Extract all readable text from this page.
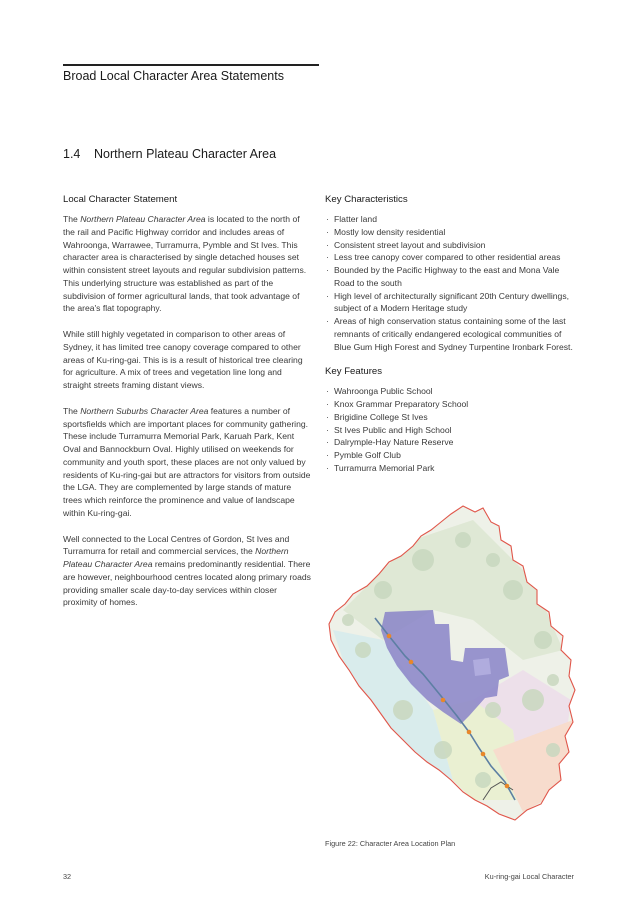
Broad Local Character Area Statements
1.4 Northern Plateau Character Area
Local Character Statement

The Northern Plateau Character Area is located to the north of the rail and Pacific Highway corridor and includes areas of Wahroonga, Warrawee, Turramurra, Pymble and St Ives. This character area is characterised by single detached houses set within consistent street layouts and regular subdivision patterns. This underlying structure was established as part of the subdivision of former agricultural lands, that took advantage of the area's flat topography.

While still highly vegetated in comparison to other areas of Sydney, it has limited tree canopy coverage compared to other areas of Ku-ring-gai. This is is a result of historical tree clearing for agriculture. A mix of trees and vegetation line long and straight streets framing distant views.

The Northern Suburbs Character Area features a number of sportsfields which are important places for community gathering. These include Turramurra Memorial Park, Karuah Park, Kent Oval and Bannockburn Oval. Highly utilised on weekends for community and youth sport, these places are not only valued by residents of Ku-ring-gai but are attractors for visitors from outside the LGA. They are complemented by large stands of mature trees which reinforce the prominence and value of landscape within Ku-ring-gai.

Well connected to the Local Centres of Gordon, St Ives and Turramurra for retail and commercial services, the Northern Plateau Character Area remains predominantly residential. There are however, neighbourhood centres located along primary roads providing smaller scale day-to-day services within closer proximity of homes.

Key Characteristics
· Flatter land
· Mostly low density residential
· Consistent street layout and subdivision
· Less tree canopy cover compared to other residential areas
· Bounded by the Pacific Highway to the east and Mona Vale Road to the south
· High level of architecturally significant 20th Century dwellings, subject of a Modern Heritage study
· Areas of high conservation status containing some of the last remnants of critically endangered ecological communities of Blue Gum High Forest and Sydney Turpentine Ironbark Forest.
Key Features
· Wahroonga Public School
· Knox Grammar Preparatory School
· Brigidine College St Ives
· St Ives Public and High School
· Dalrymple-Hay Nature Reserve
· Pymble Golf Club
· Turramurra Memorial Park
Figure 22: Character Area Location Plan
32	Ku-ring-gai Local Character
